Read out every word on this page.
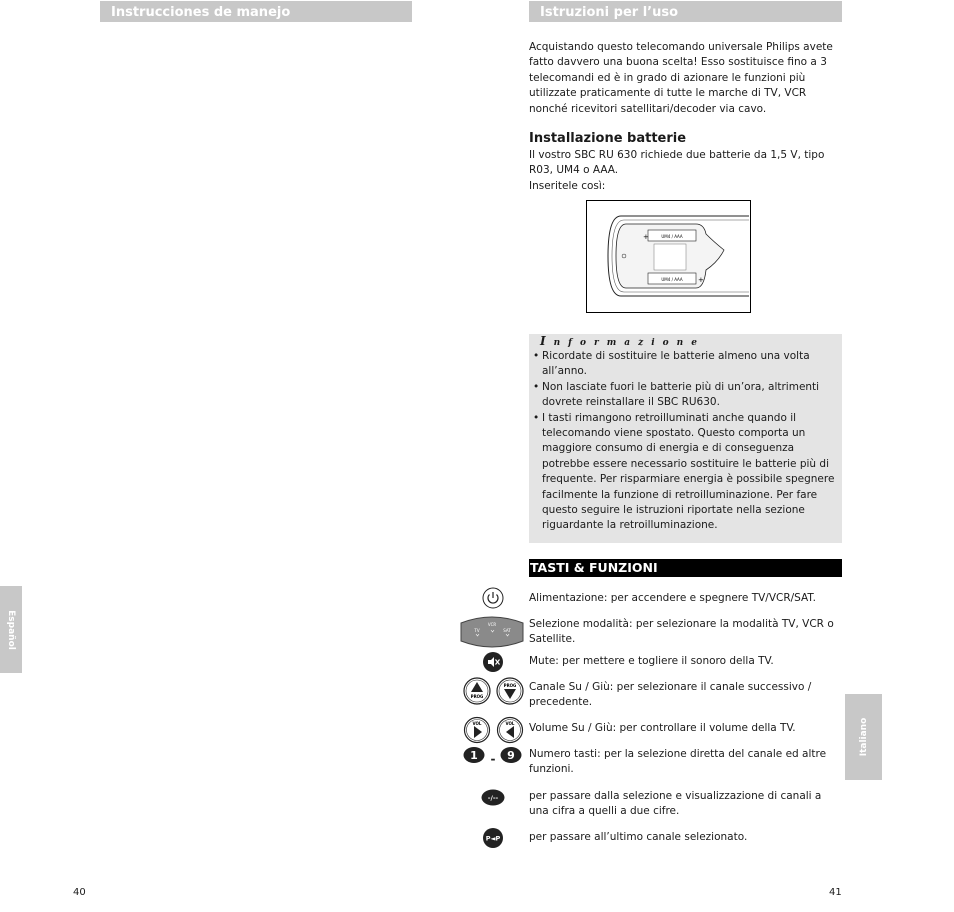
Instrucciones de manejo
Español
40
Istruzioni per l’uso
Acquistando questo telecomando universale Philips avete fatto davvero una buona scelta! Esso sostituisce fino a 3 telecomandi ed è in grado di azionare le funzioni più utilizzate praticamente di tutte le marche di TV, VCR nonché ricevitori satellitari/decoder via cavo.
Installazione batterie
Il vostro SBC RU 630 richiede due batterie da 1,5 V, tipo R03, UM4 o AAA.
Inseritele così:
UM4 / AAA
UM4 / AAA
+
+
Informazione
• Ricordate di sostituire le batterie almeno una volta all’anno.
• Non lasciate fuori le batterie più di un’ora, altrimenti dovrete reinstallare il SBC RU630.
• I tasti rimangono retroilluminati anche quando il telecomando viene spostato. Questo comporta un maggiore consumo di energia e di conseguenza potrebbe essere necessario sostituire le batterie più di frequente. Per risparmiare energia è possibile spegnere facilmente la funzione di retroilluminazione. Per fare questo seguire le istruzioni riportate nella sezione riguardante la retroilluminazione.
TASTI & FUNZIONI
Alimentazione: per accendere e spegnere TV/VCR/SAT.
VCR
TV	SAT
Selezione modalità: per selezionare la modalità TV, VCR o Satellite.
Mute: per mettere e togliere il sonoro della TV.
PROG
PROG Canale Su / Giù: per selezionare il canale successivo / precedente.
VOL	VOL Volume Su / Giù: per controllare il volume della TV.
1 - 9 Numero tasti: per la selezione diretta del canale ed altre funzioni.
-/--	per passare dalla selezione e visualizzazione di canali a una cifra a quelli a due cifre.
P◄P	per passare all’ultimo canale selezionato.
Italiano
41
